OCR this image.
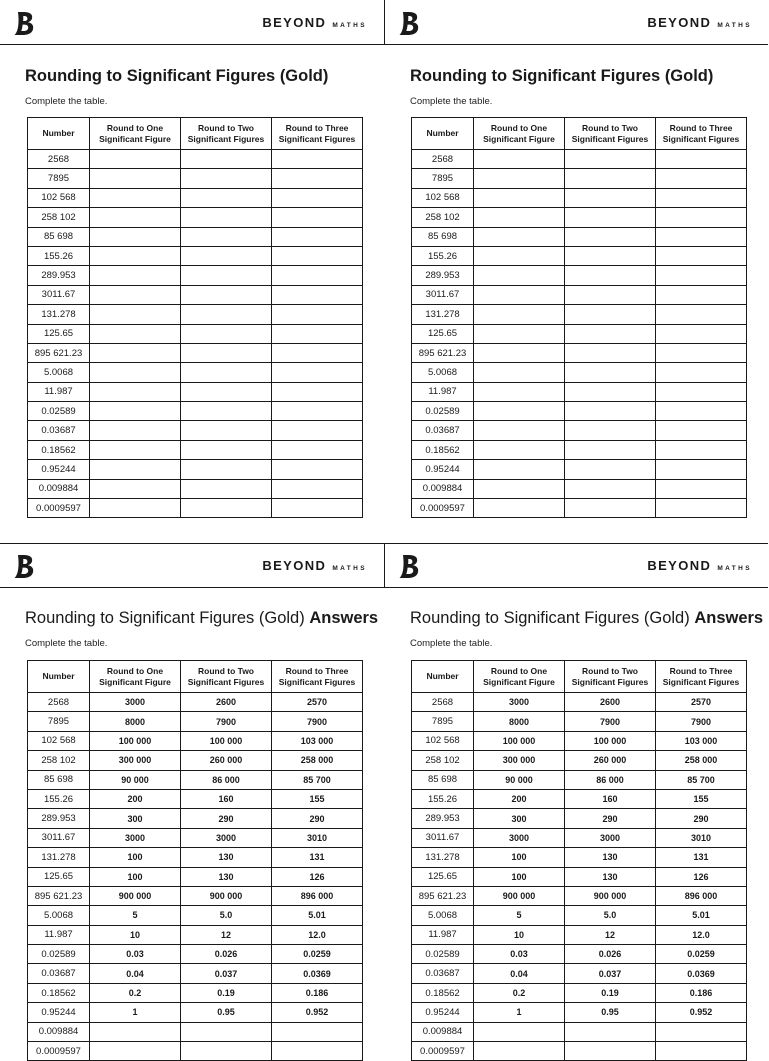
BEYOND MATHS
Rounding to Significant Figures (Gold)
Complete the table.
Number	Round to One Significant Figure	Round to Two Significant Figures	Round to Three Significant Figures
2568			
7895			
102 568			
258 102			
85 698			
155.26			
289.953			
3011.67			
131.278			
125.65			
895 621.23			
5.0068			
11.987			
0.02589			
0.03687			
0.18562			
0.95244			
0.009884			
0.0009597			
BEYOND MATHS
Rounding to Significant Figures (Gold)
Complete the table.
Number	Round to One Significant Figure	Round to Two Significant Figures	Round to Three Significant Figures
2568			
7895			
102 568			
258 102			
85 698			
155.26			
289.953			
3011.67			
131.278			
125.65			
895 621.23			
5.0068			
11.987			
0.02589			
0.03687			
0.18562			
0.95244			
0.009884			
0.0009597			
BEYOND MATHS
Rounding to Significant Figures (Gold) Answers
Complete the table.
Number	Round to One Significant Figure	Round to Two Significant Figures	Round to Three Significant Figures
2568	3000	2600	2570
7895	8000	7900	7900
102 568	100 000	100 000	103 000
258 102	300 000	260 000	258 000
85 698	90 000	86 000	85 700
155.26	200	160	155
289.953	300	290	290
3011.67	3000	3000	3010
131.278	100	130	131
125.65	100	130	126
895 621.23	900 000	900 000	896 000
5.0068	5	5.0	5.01
11.987	10	12	12.0
0.02589	0.03	0.026	0.0259
0.03687	0.04	0.037	0.0369
0.18562	0.2	0.19	0.186
0.95244	1	0.95	0.952
0.009884			
0.0009597			
BEYOND MATHS
Rounding to Significant Figures (Gold) Answers
Complete the table.
Number	Round to One Significant Figure	Round to Two Significant Figures	Round to Three Significant Figures
2568	3000	2600	2570
7895	8000	7900	7900
102 568	100 000	100 000	103 000
258 102	300 000	260 000	258 000
85 698	90 000	86 000	85 700
155.26	200	160	155
289.953	300	290	290
3011.67	3000	3000	3010
131.278	100	130	131
125.65	100	130	126
895 621.23	900 000	900 000	896 000
5.0068	5	5.0	5.01
11.987	10	12	12.0
0.02589	0.03	0.026	0.0259
0.03687	0.04	0.037	0.0369
0.18562	0.2	0.19	0.186
0.95244	1	0.95	0.952
0.009884			
0.0009597			
